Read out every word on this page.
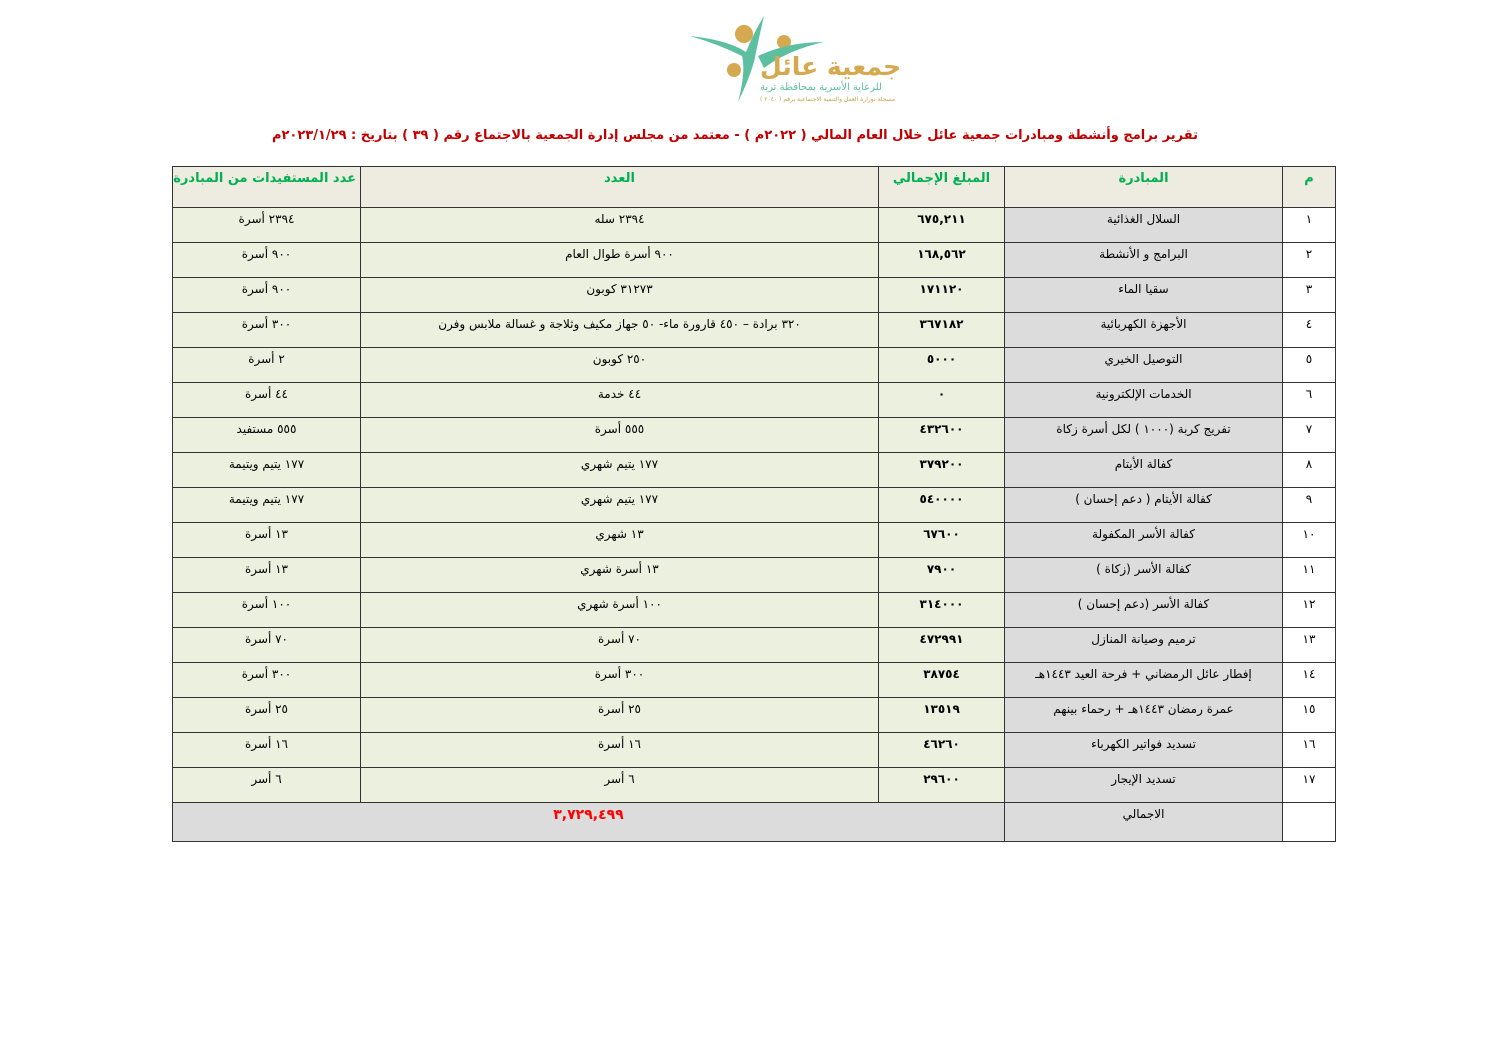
جمعية عائل
للرعاية الأسرية بمحافظة تربة
مسجلة بوزارة العمل والتنمية الاجتماعية برقم ( ٢٠٤٠ )
تقرير برامج وأنشطة ومبادرات جمعية عائل خلال العام المالي ( ٢٠٢٢م ) - معتمد من مجلس إدارة الجمعية بالاجتماع رقم ( ٣٩ ) بتاريخ : ٢٠٢٣/١/٢٩م
م	المبادرة	المبلغ الإجمالي	العدد	عدد المستفيدات من المبادرة
١	السلال الغذائية	٦٧٥,٢١١	٢٣٩٤ سله	٢٣٩٤ أسرة
٢	البرامج و الأنشطة	١٦٨,٥٦٢	٩٠٠ أسرة طوال العام	٩٠٠ أسرة
٣	سقيا الماء	١٧١١٢٠	٣١٢٧٣ كوبون	٩٠٠ أسرة
٤	الأجهزة الكهربائية	٣٦٧١٨٢	٣٢٠ برادة – ٤٥٠ قارورة ماء- ٥٠ جهاز مكيف وثلاجة و غسالة ملابس وفرن	٣٠٠ أسرة
٥	التوصيل الخيري	٥٠٠٠	٢٥٠ كوبون	٢ أسرة
٦	الخدمات الإلكترونية	٠	٤٤ خدمة	٤٤ أسرة
٧	تفريج كربة (١٠٠٠ ) لكل أسرة زكاة	٤٣٢٦٠٠	٥٥٥ أسرة	٥٥٥ مستفيد
٨	كفالة الأيتام	٣٧٩٢٠٠	١٧٧ يتيم شهري	١٧٧ يتيم ويتيمة
٩	كفالة الأيتام ( دعم إحسان )	٥٤٠٠٠٠	١٧٧ يتيم شهري	١٧٧ يتيم ويتيمة
١٠	كفالة الأسر المكفولة	٦٧٦٠٠	١٣ شهري	١٣ أسرة
١١	كفالة الأسر (زكاة )	٧٩٠٠	١٣ أسرة شهري	١٣ أسرة
١٢	كفالة الأسر (دعم إحسان )	٣١٤٠٠٠	١٠٠ أسرة شهري	١٠٠ أسرة
١٣	ترميم وصيانة المنازل	٤٧٢٩٩١	٧٠ أسرة	٧٠ أسرة
١٤	إفطار عائل الرمضاني + فرحة العيد ١٤٤٣هـ	٣٨٧٥٤	٣٠٠ أسرة	٣٠٠ أسرة
١٥	عمرة رمضان ١٤٤٣هـ + رحماء بينهم	١٣٥١٩	٢٥ أسرة	٢٥ أسرة
١٦	تسديد فواتير الكهرباء	٤٦٢٦٠	١٦ أسرة	١٦ أسرة
١٧	تسديد الإيجار	٢٩٦٠٠	٦ أسر	٦ أسر
	الاجمالي	٣,٧٢٩,٤٩٩		
